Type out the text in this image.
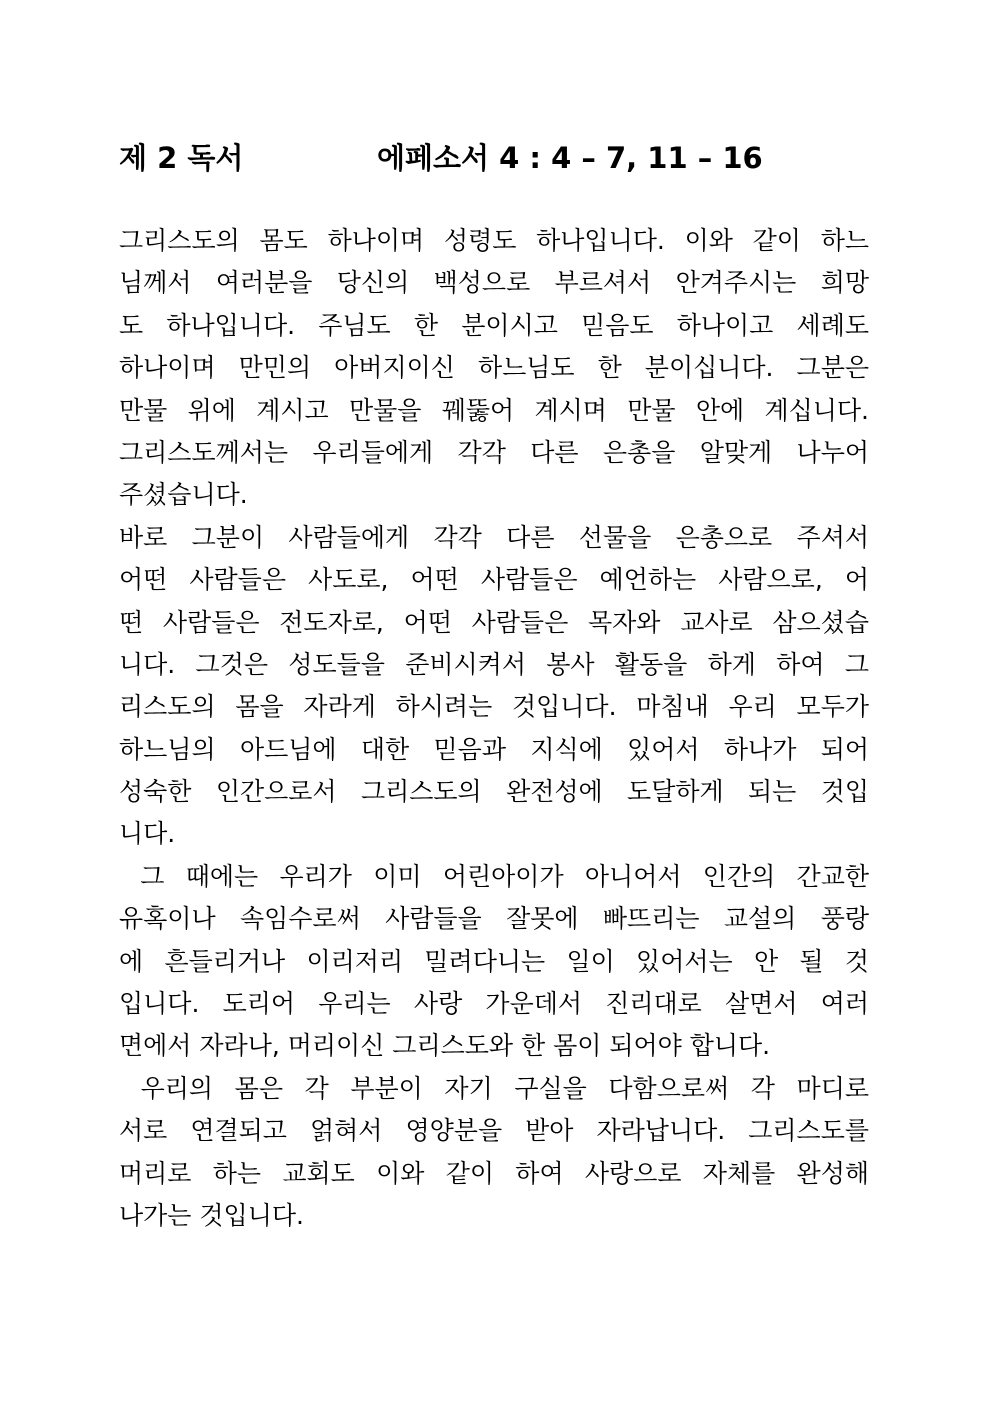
제 2 독서	에페소서 4 : 4 – 7, 11 – 16
그리스도의 몸도 하나이며 성령도 하나입니다. 이와 같이 하느
님께서 여러분을 당신의 백성으로 부르셔서 안겨주시는 희망
도 하나입니다. 주님도 한 분이시고 믿음도 하나이고 세례도
하나이며 만민의 아버지이신 하느님도 한 분이십니다. 그분은
만물 위에 계시고 만물을 꿰뚫어 계시며 만물 안에 계십니다.
그리스도께서는 우리들에게 각각 다른 은총을 알맞게 나누어
주셨습니다.
바로 그분이 사람들에게 각각 다른 선물을 은총으로 주셔서
어떤 사람들은 사도로, 어떤 사람들은 예언하는 사람으로, 어
떤 사람들은 전도자로, 어떤 사람들은 목자와 교사로 삼으셨습
니다. 그것은 성도들을 준비시켜서 봉사 활동을 하게 하여 그
리스도의 몸을 자라게 하시려는 것입니다. 마침내 우리 모두가
하느님의 아드님에 대한 믿음과 지식에 있어서 하나가 되어
성숙한 인간으로서 그리스도의 완전성에 도달하게 되는 것입
니다.
그 때에는 우리가 이미 어린아이가 아니어서 인간의 간교한
유혹이나 속임수로써 사람들을 잘못에 빠뜨리는 교설의 풍랑
에 흔들리거나 이리저리 밀려다니는 일이 있어서는 안 될 것
입니다. 도리어 우리는 사랑 가운데서 진리대로 살면서 여러
면에서 자라나, 머리이신 그리스도와 한 몸이 되어야 합니다.
우리의 몸은 각 부분이 자기 구실을 다함으로써 각 마디로
서로 연결되고 얽혀서 영양분을 받아 자라납니다. 그리스도를
머리로 하는 교회도 이와 같이 하여 사랑으로 자체를 완성해
나가는 것입니다.
